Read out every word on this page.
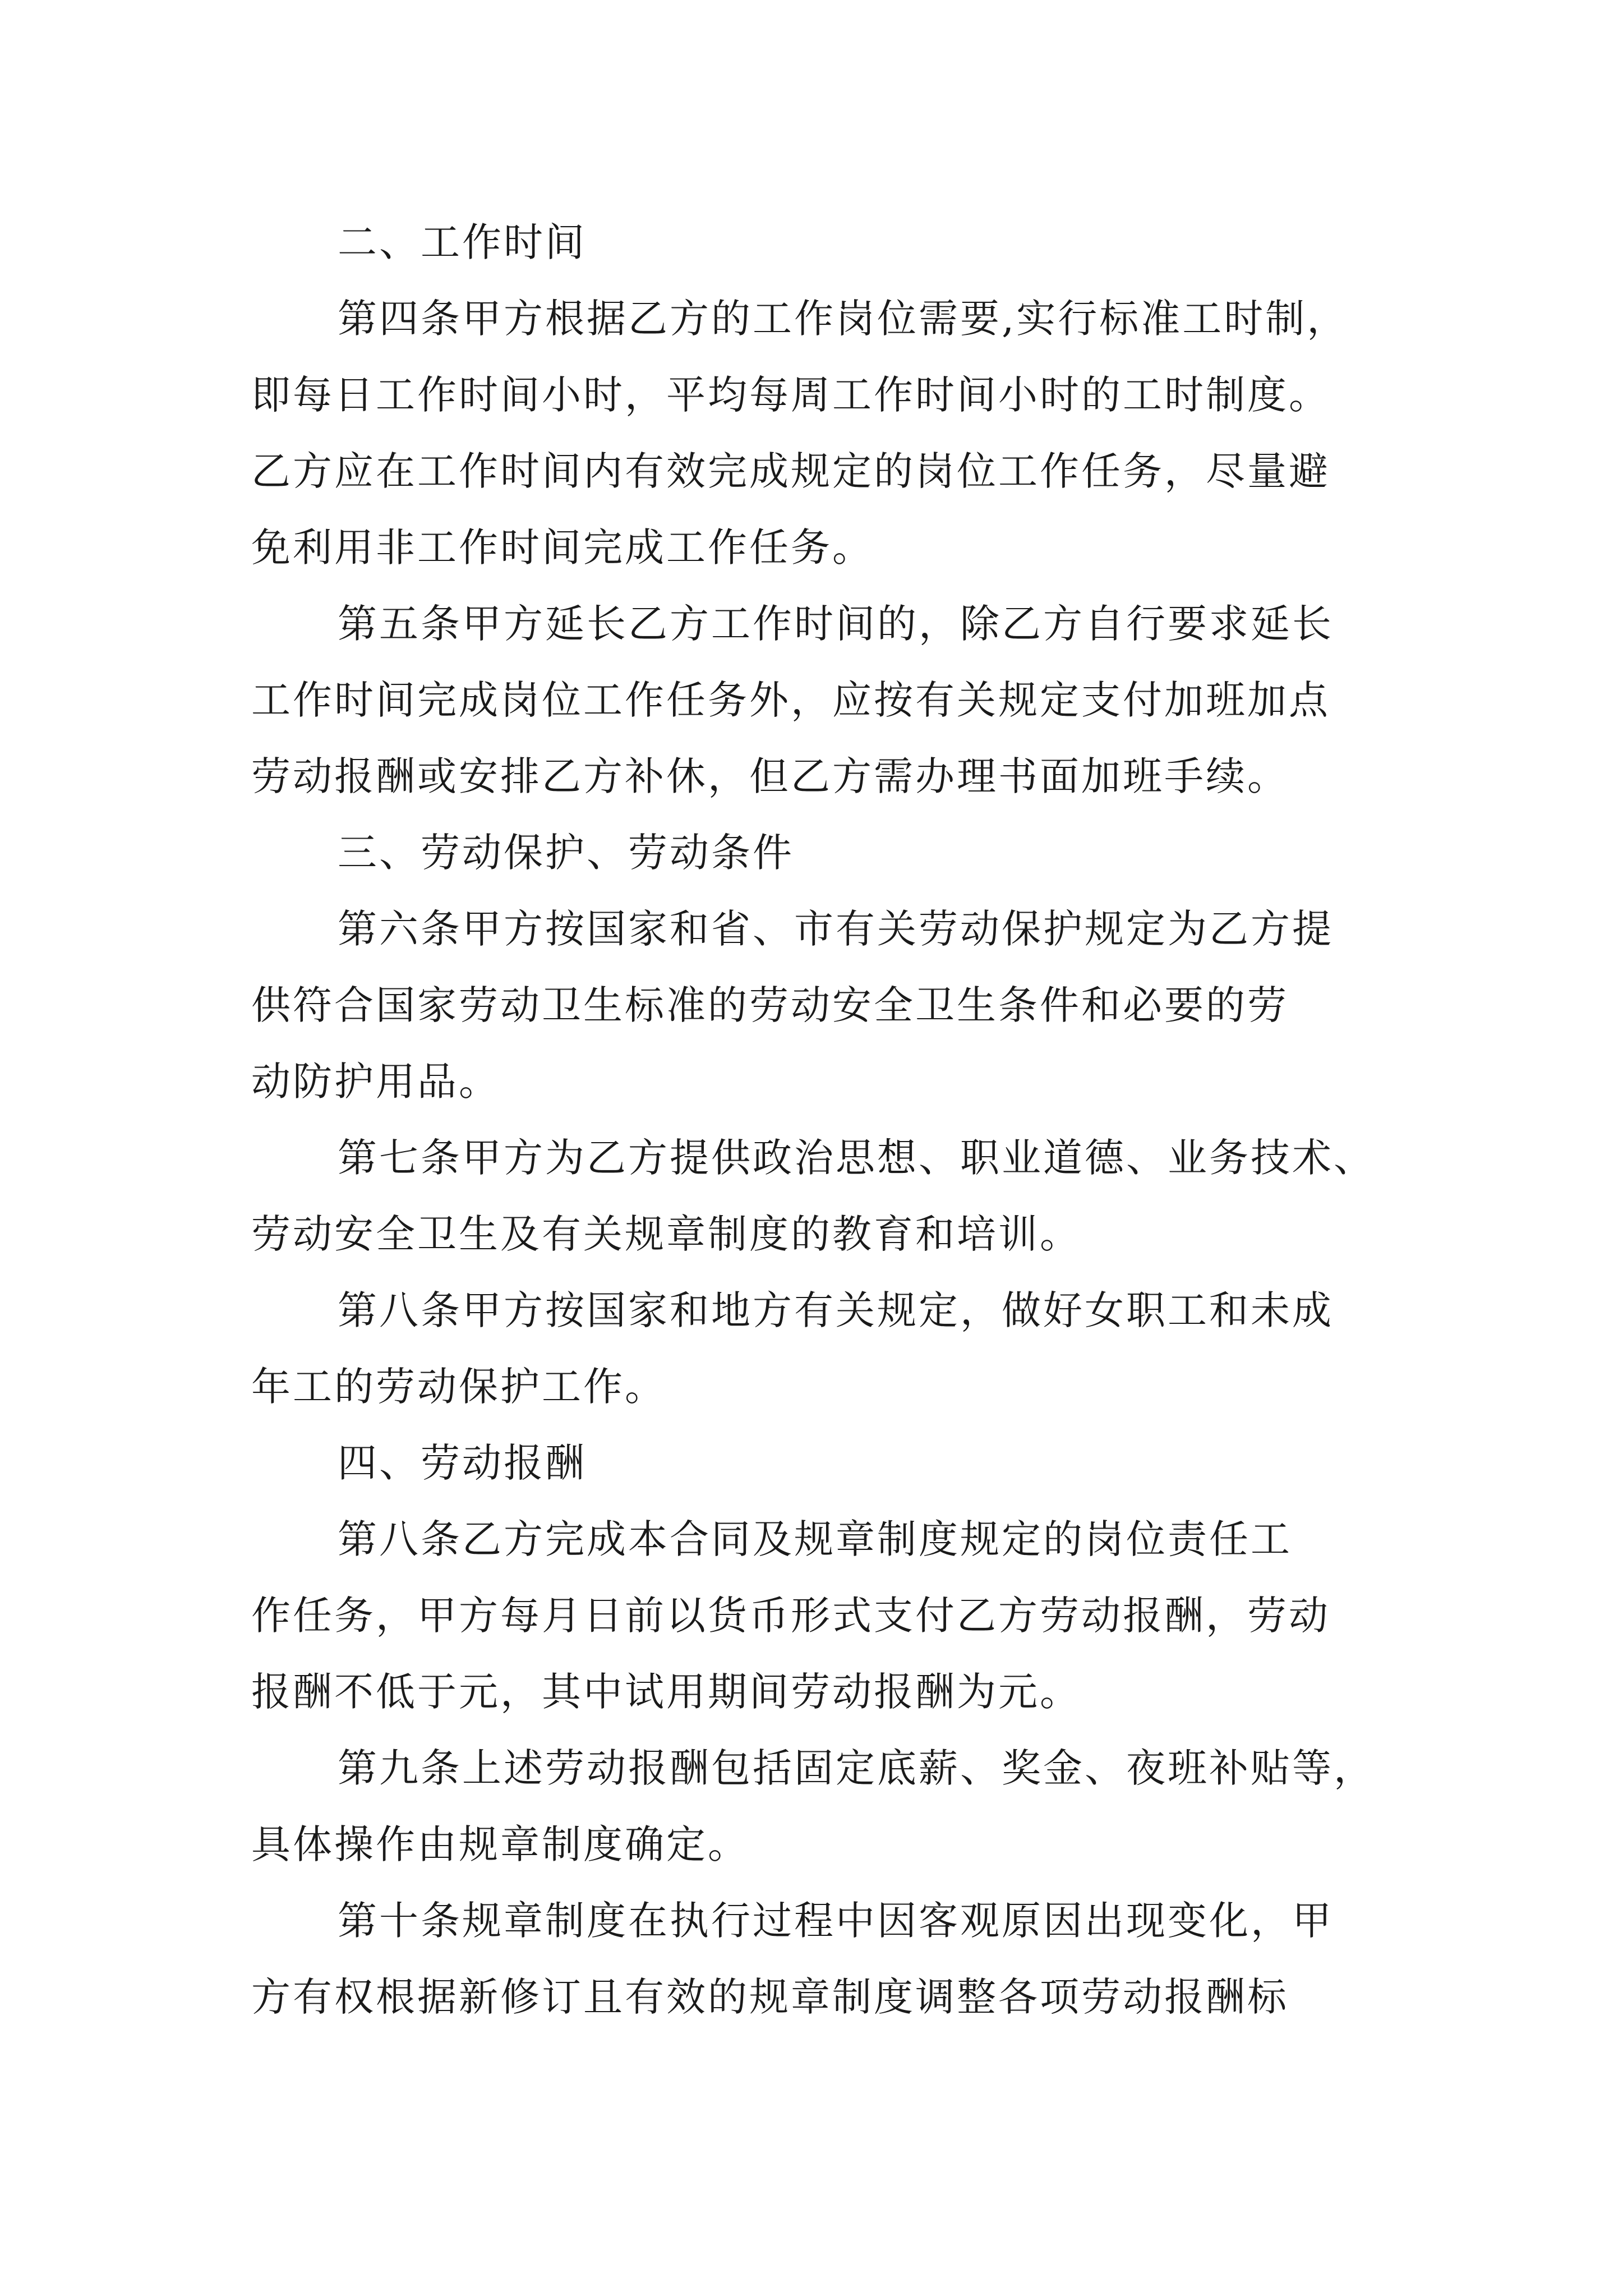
二、工作时间
第四条甲方根据乙方的工作岗位需要,实行标准工时制，
即每日工作时间小时，平均每周工作时间小时的工时制度。
乙方应在工作时间内有效完成规定的岗位工作任务，尽量避
免利用非工作时间完成工作任务。
第五条甲方延长乙方工作时间的，除乙方自行要求延长
工作时间完成岗位工作任务外，应按有关规定支付加班加点
劳动报酬或安排乙方补休，但乙方需办理书面加班手续。
三、劳动保护、劳动条件
第六条甲方按国家和省、市有关劳动保护规定为乙方提
供符合国家劳动卫生标准的劳动安全卫生条件和必要的劳
动防护用品。
第七条甲方为乙方提供政治思想、职业道德、业务技术、
劳动安全卫生及有关规章制度的教育和培训。
第八条甲方按国家和地方有关规定，做好女职工和未成
年工的劳动保护工作。
四、劳动报酬
第八条乙方完成本合同及规章制度规定的岗位责任工
作任务，甲方每月日前以货币形式支付乙方劳动报酬，劳动
报酬不低于元，其中试用期间劳动报酬为元。
第九条上述劳动报酬包括固定底薪、奖金、夜班补贴等，
具体操作由规章制度确定。
第十条规章制度在执行过程中因客观原因出现变化，甲
方有权根据新修订且有效的规章制度调整各项劳动报酬标
